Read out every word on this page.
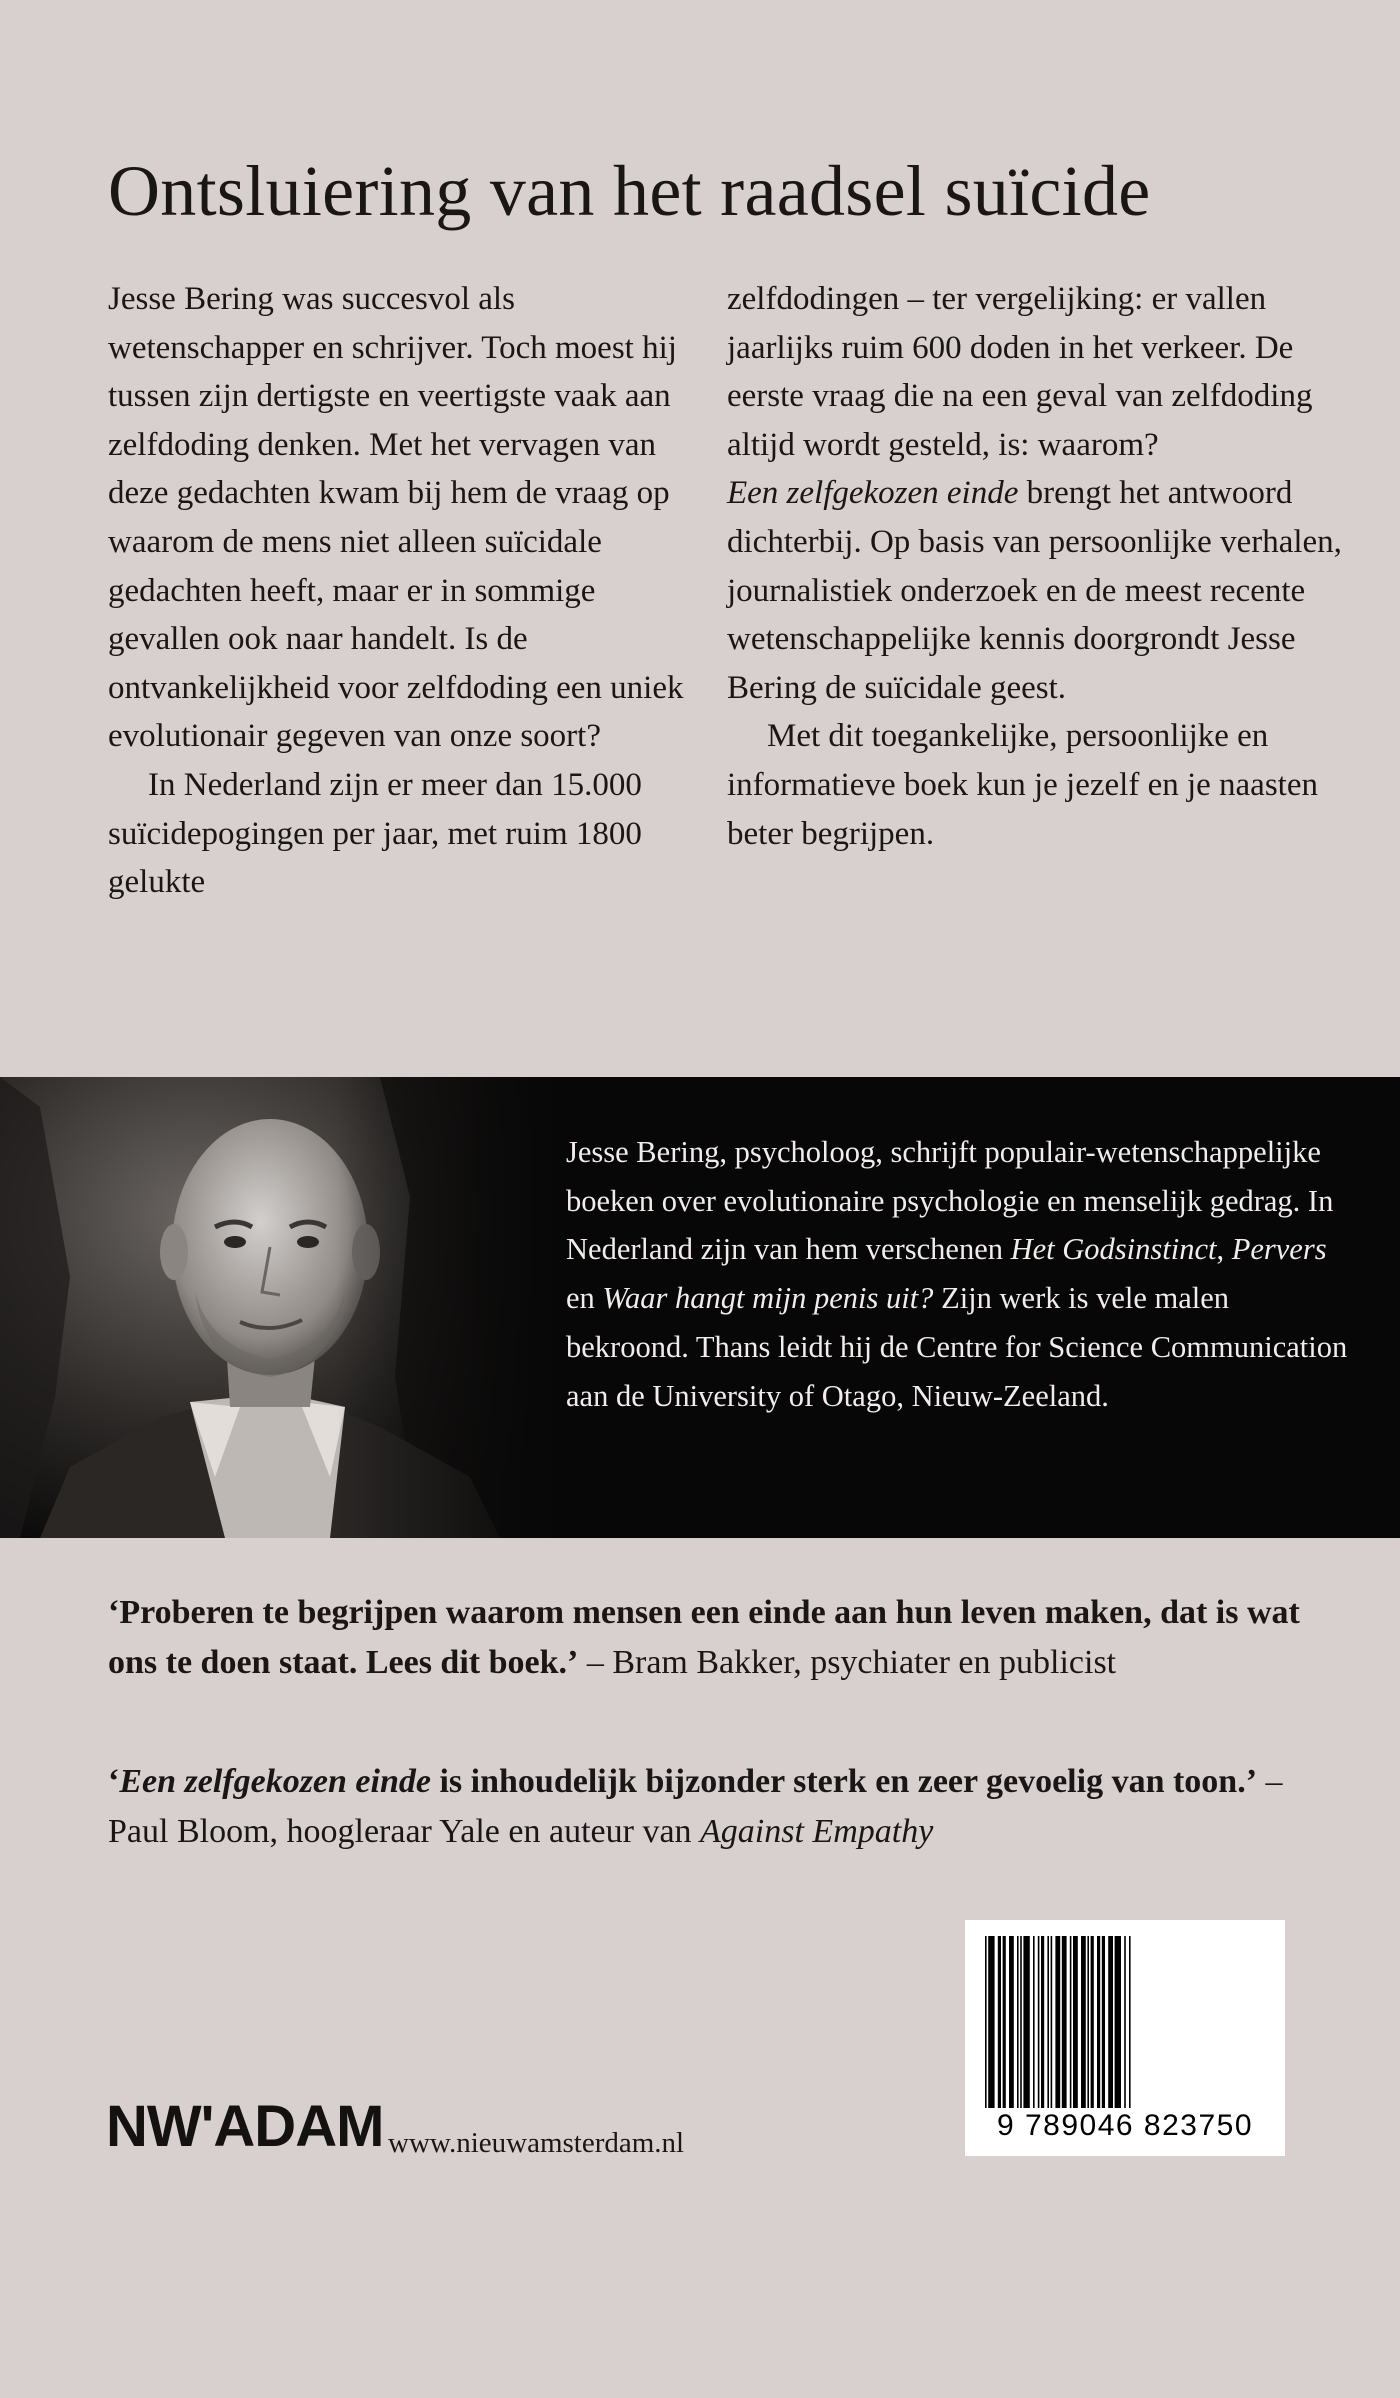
Ontsluiering van het raadsel suïcide

Jesse Bering was succesvol als wetenschapper en schrijver. Toch moest hij tussen zijn dertigste en veertigste vaak aan zelfdoding denken. Met het vervagen van deze gedachten kwam bij hem de vraag op waarom de mens niet alleen suïcidale gedachten heeft, maar er in sommige gevallen ook naar handelt. Is de ontvankelijkheid voor zelfdoding een uniek evolutionair gegeven van onze soort?

In Nederland zijn er meer dan 15.000 suïcidepogingen per jaar, met ruim 1800 gelukte

zelfdodingen – ter vergelijking: er vallen jaarlijks ruim 600 doden in het verkeer. De eerste vraag die na een geval van zelfdoding altijd wordt gesteld, is: waarom?
Een zelfgekozen einde brengt het antwoord dichterbij. Op basis van persoonlijke verhalen, journalistiek onderzoek en de meest recente wetenschappelijke kennis doorgrondt Jesse Bering de suïcidale geest.

Met dit toegankelijke, persoonlijke en informatieve boek kun je jezelf en je naasten beter begrijpen.

Jesse Bering, psycholoog, schrijft populair-wetenschappelijke boeken over evolutionaire psychologie en menselijk gedrag. In Nederland zijn van hem verschenen Het Godsinstinct, Pervers en Waar hangt mijn penis uit? Zijn werk is vele malen bekroond. Thans leidt hij de Centre for Science Communication aan de University of Otago, Nieuw-Zeeland.

‘Proberen te begrijpen waarom mensen een einde aan hun leven maken, dat is wat ons te doen staat. Lees dit boek.’ – Bram Bakker, psychiater en publicist

‘Een zelfgekozen einde is inhoudelijk bijzonder sterk en zeer gevoelig van toon.’ – Paul Bloom, hoogleraar Yale en auteur van Against Empathy

9 789046 823750
NW'ADAM www.nieuwamsterdam.nl
